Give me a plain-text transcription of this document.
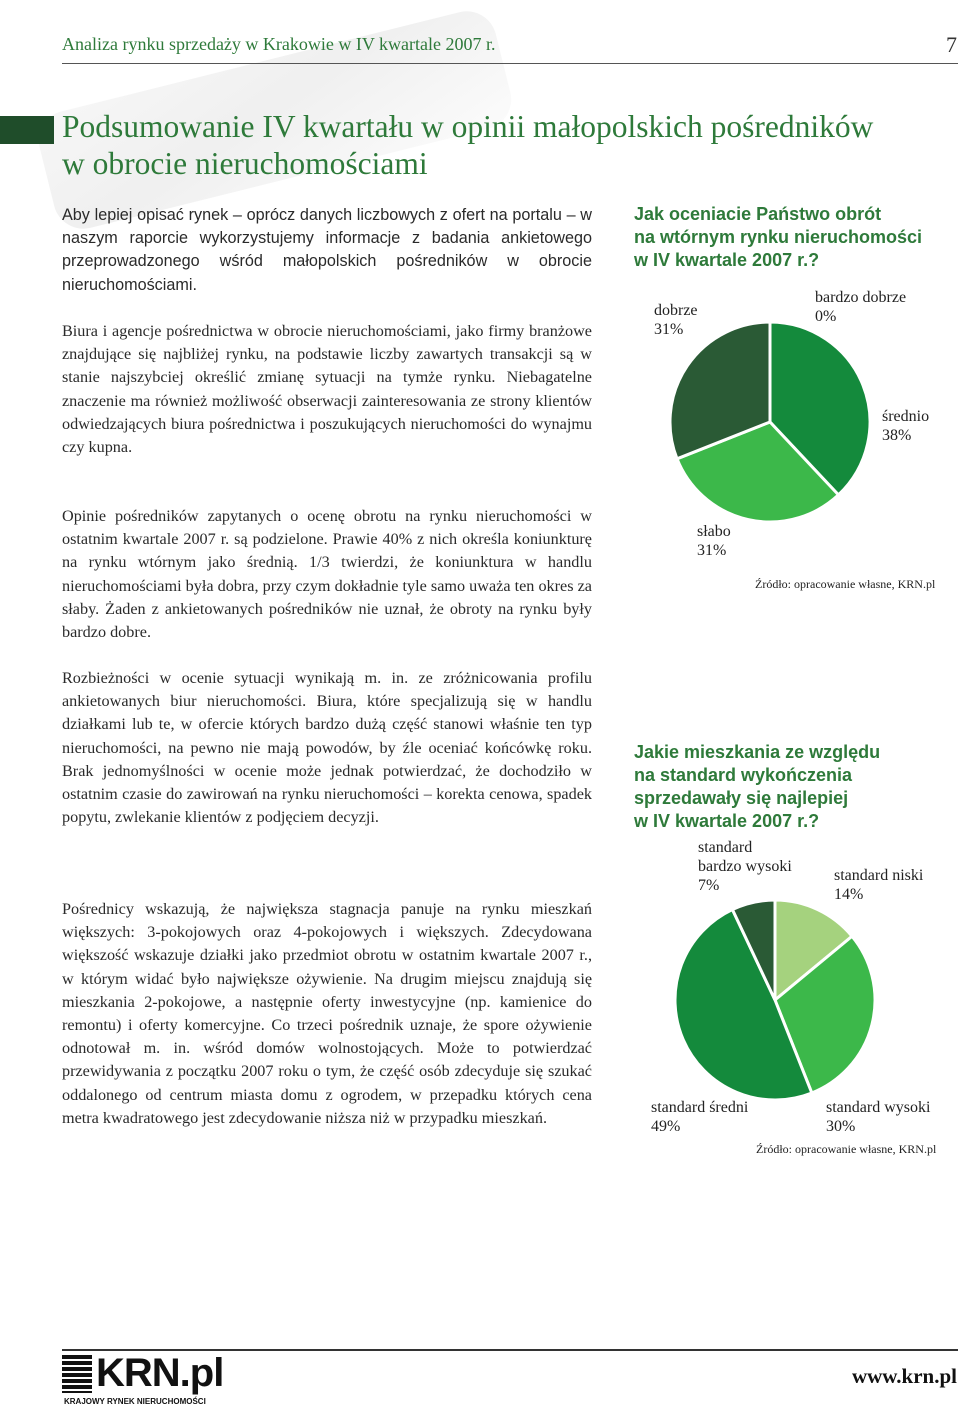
Analiza rynku sprzedaży w Krakowie w IV kwartale 2007 r.	7
Podsumowanie IV kwartału w opinii małopolskich pośredników
w obrocie nieruchomościami

Aby lepiej opisać rynek – oprócz danych liczbowych z ofert na portalu – w naszym raporcie wykorzystujemy informacje z badania ankietowego przeprowadzonego wśród małopolskich pośredników w obrocie nieruchomościami.

Biura i agencje pośrednictwa w obrocie nieruchomościami, jako firmy branżowe znajdujące się najbliżej rynku, na podstawie liczby zawartych transakcji są w stanie najszybciej określić zmianę sytuacji na tymże rynku. Niebagatelne znaczenie ma również możliwość obserwacji zainteresowania ze strony klientów odwiedzających biura pośrednictwa i poszukujących nieruchomości do wynajmu czy kupna.

Opinie pośredników zapytanych o ocenę obrotu na rynku nieruchomości w ostatnim kwartale 2007 r. są podzielone. Prawie 40% z nich określa koniunkturę na rynku wtórnym jako średnią. 1/3 twierdzi, że koniunktura w handlu nieruchomościami była dobra, przy czym dokładnie tyle samo uważa ten okres za słaby. Żaden z ankietowanych pośredników nie uznał, że obroty na rynku były bardzo dobre.

Rozbieżności w ocenie sytuacji wynikają m. in. ze zróżnicowania profilu ankietowanych biur nieruchomości. Biura, które specjalizują się w handlu działkami lub te, w ofercie których bardzo dużą część stanowi właśnie ten typ nieruchomości, na pewno nie mają powodów, by źle oceniać końcówkę roku. Brak jednomyślności w ocenie może jednak potwierdzać, że dochodziło w ostatnim czasie do zawirowań na rynku nieruchomości – korekta cenowa, spadek popytu, zwlekanie klientów z podjęciem decyzji.

Pośrednicy wskazują, że największa stagnacja panuje na rynku mieszkań większych: 3-pokojowych oraz 4-pokojowych i większych. Zdecydowana większość wskazuje działki jako przedmiot obrotu w ostatnim kwartale 2007 r., w którym widać było największe ożywienie. Na drugim miejscu znajdują się mieszkania 2-pokojowe, a następnie oferty inwestycyjne (np. kamienice do remontu) i oferty komercyjne. Co trzeci pośrednik uznaje, że spore ożywienie odnotował m. in. wśród domów wolnostojących. Może to potwierdzać przewidywania z początku 2007 roku o tym, że część osób zdecyduje się szukać oddalonego od centrum miasta domu z ogrodem, w przepadku których cena metra kwadratowego jest zdecydowanie niższa niż w przypadku mieszkań.

Jak oceniacie Państwo obrót
na wtórnym rynku nieruchomości
w IV kwartale 2007 r.?
bardzo dobrze
0%
dobrze
31%
średnio
38%
słabo
31%
Źródło: opracowanie własne, KRN.pl
Jakie mieszkania ze względu
na standard wykończenia
sprzedawały się najlepiej
w IV kwartale 2007 r.?
standard
bardzo wysoki
7%
standard niski
14%
standard średni
49%
standard wysoki
30%
Źródło: opracowanie własne, KRN.pl
KRN.pl
KRAJOWY RYNEK NIERUCHOMOŚCI
www.krn.pl
